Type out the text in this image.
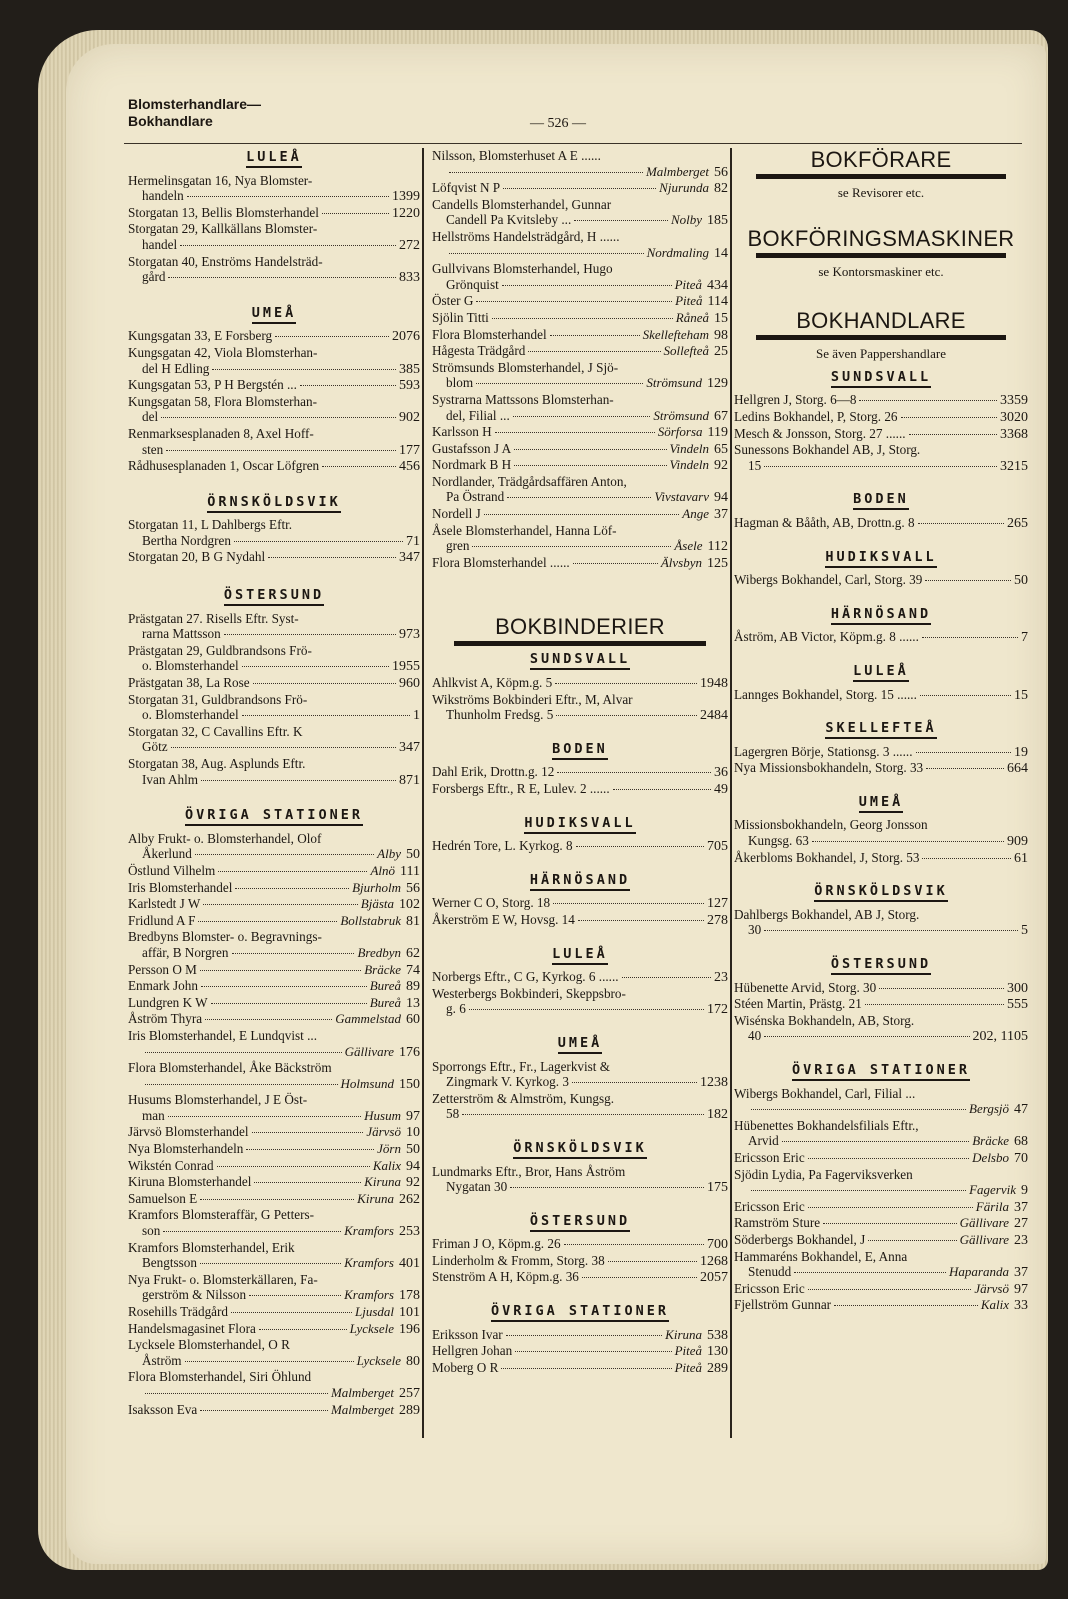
Blomsterhandlare—
Bokhandlare	— 526 —
LULEÅ
Hermelinsgatan 16, Nya Blomster-
handeln	1399
Storgatan 13, Bellis Blomsterhandel	1220
Storgatan 29, Kallkällans Blomster-
handel	272
Storgatan 40, Enströms Handelsträd-
gård	833
UMEÅ
Kungsgatan 33, E Forsberg	2076
Kungsgatan 42, Viola Blomsterhan-
del H Edling	385
Kungsgatan 53, P H Bergstén ...	593
Kungsgatan 58, Flora Blomsterhan-
del	902
Renmarksesplanaden 8, Axel Hoff-
sten	177
Rådhusesplanaden 1, Oscar Löfgren	456
ÖRNSKÖLDSVIK
Storgatan 11, L Dahlbergs Eftr.
Bertha Nordgren	71
Storgatan 20, B G Nydahl	347
ÖSTERSUND
Prästgatan 27. Risells Eftr. Syst-
rarna Mattsson	973
Prästgatan 29, Guldbrandsons Frö-
o. Blomsterhandel	1955
Prästgatan 38, La Rose	960
Storgatan 31, Guldbrandsons Frö-
o. Blomsterhandel	1
Storgatan 32, C Cavallins Eftr. K
Götz	347
Storgatan 38, Aug. Asplunds Eftr.
Ivan Ahlm	871
ÖVRIGA STATIONER
Alby Frukt- o. Blomsterhandel, Olof
Åkerlund	Alby 50
Östlund Vilhelm	Alnö 111
Iris Blomsterhandel	Bjurholm 56
Karlstedt J W	Bjästa 102
Fridlund A F	Bollstabruk 81
Bredbyns Blomster- o. Begravnings-
affär, B Norgren	Bredbyn 62
Persson O M	Bräcke 74
Enmark John	Bureå 89
Lundgren K W	Bureå 13
Åström Thyra	Gammelstad 60
Iris Blomsterhandel, E Lundqvist ...
Gällivare 176
Flora Blomsterhandel, Åke Bäckström
Holmsund 150
Husums Blomsterhandel, J E Öst-
man	Husum 97
Järvsö Blomsterhandel	Järvsö 10
Nya Blomsterhandeln	Jörn 50
Wikstén Conrad	Kalix 94
Kiruna Blomsterhandel	Kiruna 92
Samuelson E	Kiruna 262
Kramfors Blomsteraffär, G Petters-
son	Kramfors 253
Kramfors Blomsterhandel, Erik
Bengtsson	Kramfors 401
Nya Frukt- o. Blomsterkällaren, Fa-
gerström & Nilsson	Kramfors 178
Rosehills Trädgård	Ljusdal 101
Handelsmagasinet Flora	Lycksele 196
Lycksele Blomsterhandel, O R
Åström	Lycksele 80
Flora Blomsterhandel, Siri Öhlund
Malmberget 257
Isaksson Eva	Malmberget 289
Nilsson, Blomsterhuset A E ......
Malmberget 56
Löfqvist N P	Njurunda 82
Candells Blomsterhandel, Gunnar
Candell Pa Kvitsleby ...	Nolby 185
Hellströms Handelsträdgård, H ......
Nordmaling 14
Gullvivans Blomsterhandel, Hugo
Grönquist	Piteå 434
Öster G	Piteå 114
Sjölin Titti	Råneå 15
Flora Blomsterhandel	Skellefteham 98
Hågesta Trädgård	Sollefteå 25
Strömsunds Blomsterhandel, J Sjö-
blom	Strömsund 129
Systrarna Mattssons Blomsterhan-
del, Filial ...	Strömsund 67
Karlsson H	Sörforsa 119
Gustafsson J A	Vindeln 65
Nordmark B H	Vindeln 92
Nordlander, Trädgårdsaffären Anton,
Pa Östrand	Vivstavarv 94
Nordell J	Ange 37
Åsele Blomsterhandel, Hanna Löf-
gren	Åsele 112
Flora Blomsterhandel ......	Älvsbyn 125
BOKBINDERIER
SUNDSVALL
Ahlkvist A, Köpm.g. 5	1948
Wikströms Bokbinderi Eftr., M, Alvar
Thunholm Fredsg. 5	2484
BODEN
Dahl Erik, Drottn.g. 12	36
Forsbergs Eftr., R E, Lulev. 2 ......	49
HUDIKSVALL
Hedrén Tore, L. Kyrkog. 8	705
HÄRNÖSAND
Werner C O, Storg. 18	127
Åkerström E W, Hovsg. 14	278
LULEÅ
Norbergs Eftr., C G, Kyrkog. 6 ......	23
Westerbergs Bokbinderi, Skeppsbro-
g. 6	172
UMEÅ
Sporrongs Eftr., Fr., Lagerkvist &
Zingmark V. Kyrkog. 3	1238
Zetterström & Almström, Kungsg.
58	182
ÖRNSKÖLDSVIK
Lundmarks Eftr., Bror, Hans Åström
Nygatan 30	175
ÖSTERSUND
Friman J O, Köpm.g. 26	700
Linderholm & Fromm, Storg. 38	1268
Stenström A H, Köpm.g. 36	2057
ÖVRIGA STATIONER
Eriksson Ivar	Kiruna 538
Hellgren Johan	Piteå 130
Moberg O R	Piteå 289
BOKFÖRARE
se Revisorer etc.
BOKFÖRINGSMASKINER
se Kontorsmaskiner etc.
BOKHANDLARE
Se även Pappershandlare
SUNDSVALL
Hellgren J, Storg. 6—8	3359
Ledins Bokhandel, P, Storg. 26	3020
Mesch & Jonsson, Storg. 27 ......	3368
Sunessons Bokhandel AB, J, Storg.
15	3215
BODEN
Hagman & Bååth, AB, Drottn.g. 8	265
HUDIKSVALL
Wibergs Bokhandel, Carl, Storg. 39	50
HÄRNÖSAND
Åström, AB Victor, Köpm.g. 8 ......	7
LULEÅ
Lannges Bokhandel, Storg. 15 ......	15
SKELLEFTEÅ
Lagergren Börje, Stationsg. 3 ......	19
Nya Missionsbokhandeln, Storg. 33	664
UMEÅ
Missionsbokhandeln, Georg Jonsson
Kungsg. 63	909
Åkerbloms Bokhandel, J, Storg. 53	61
ÖRNSKÖLDSVIK
Dahlbergs Bokhandel, AB J, Storg.
30	5
ÖSTERSUND
Hübenette Arvid, Storg. 30	300
Stéen Martin, Prästg. 21	555
Wisénska Bokhandeln, AB, Storg.
40	202, 1105
ÖVRIGA STATIONER
Wibergs Bokhandel, Carl, Filial ...
Bergsjö 47
Hübenettes Bokhandelsfilials Eftr.,
Arvid	Bräcke 68
Ericsson Eric	Delsbo 70
Sjödin Lydia, Pa Fagerviksverken
Fagervik 9
Ericsson Eric	Färila 37
Ramström Sture	Gällivare 27
Söderbergs Bokhandel, J	Gällivare 23
Hammaréns Bokhandel, E, Anna
Stenudd	Haparanda 37
Ericsson Eric	Järvsö 97
Fjellström Gunnar	Kalix 33
